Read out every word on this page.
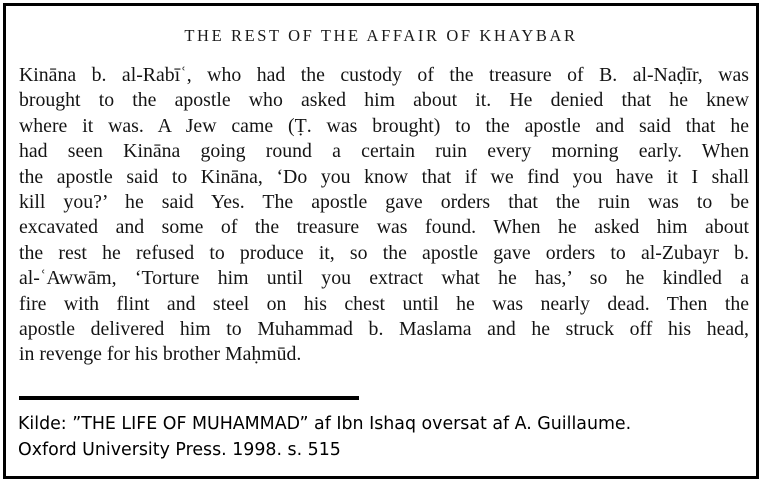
THE REST OF THE AFFAIR OF KHAYBAR
Kināna b. al-Rabīʿ, who had the custody of the treasure of B. al-Naḍīr, was
brought to the apostle who asked him about it. He denied that he knew
where it was. A Jew came (Ṭ. was brought) to the apostle and said that he
had seen Kināna going round a certain ruin every morning early. When
the apostle said to Kināna, ‘Do you know that if we find you have it I shall
kill you?’ he said Yes. The apostle gave orders that the ruin was to be
excavated and some of the treasure was found. When he asked him about
the rest he refused to produce it, so the apostle gave orders to al-Zubayr b.
al-ʿAwwām, ‘Torture him until you extract what he has,’ so he kindled a
fire with flint and steel on his chest until he was nearly dead. Then the
apostle delivered him to Muhammad b. Maslama and he struck off his head,
in revenge for his brother Maḥmūd.
Kilde: ”THE LIFE OF MUHAMMAD” af Ibn Ishaq oversat af A. Guillaume.
Oxford University Press. 1998. s. 515
